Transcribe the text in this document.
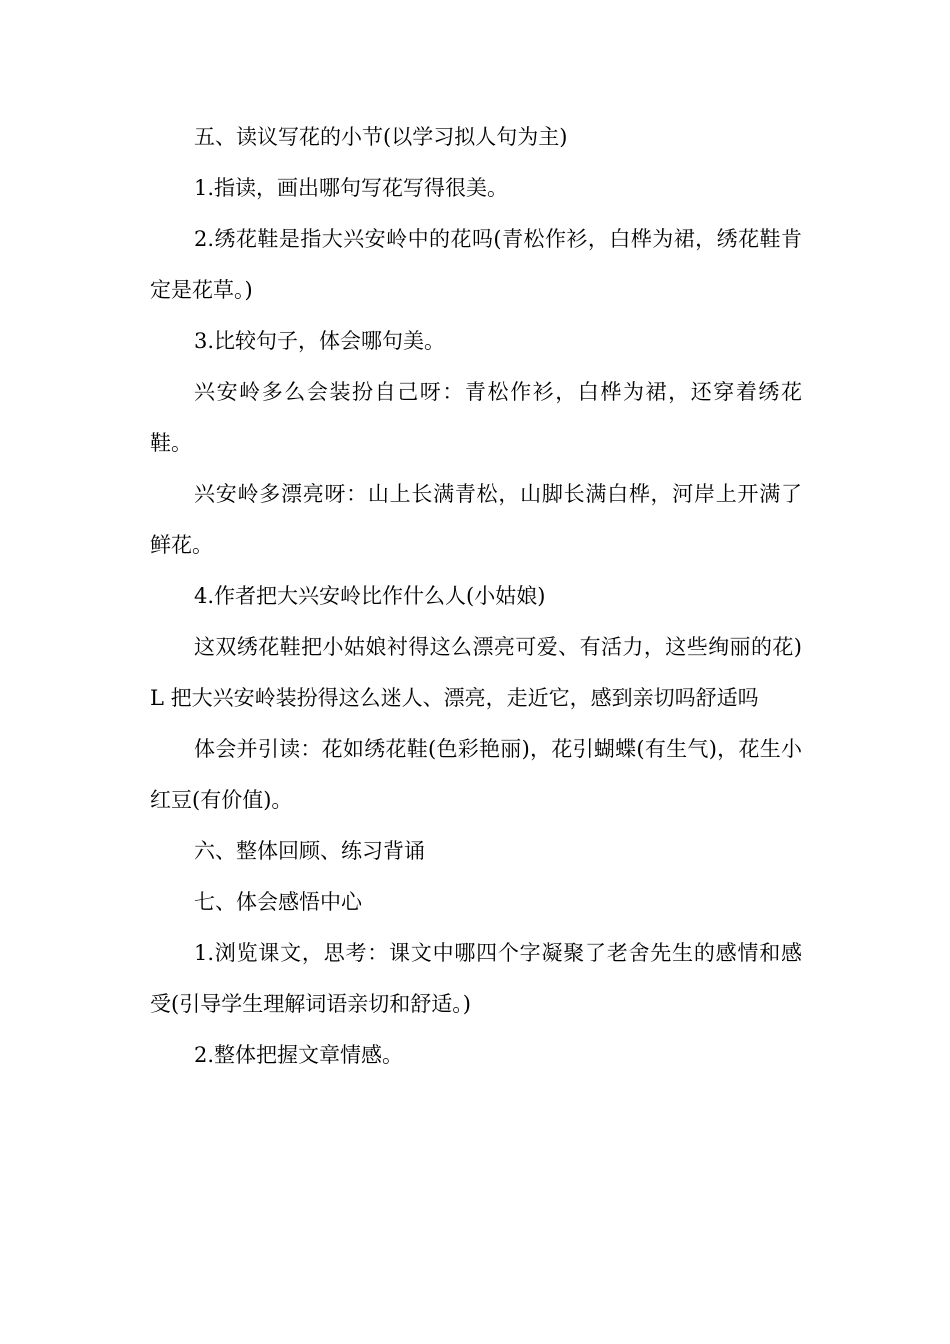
五、读议写花的小节(以学习拟人句为主)

1.指读，画出哪句写花写得很美。

2.绣花鞋是指大兴安岭中的花吗(青松作衫，白桦为裙，绣花鞋肯定是花草。)

3.比较句子，体会哪句美。

兴安岭多么会装扮自己呀：青松作衫，白桦为裙，还穿着绣花鞋。

兴安岭多漂亮呀：山上长满青松，山脚长满白桦，河岸上开满了鲜花。

4.作者把大兴安岭比作什么人(小姑娘)

这双绣花鞋把小姑娘衬得这么漂亮可爱、有活力，这些绚丽的花)L 把大兴安岭装扮得这么迷人、漂亮，走近它，感到亲切吗舒适吗

体会并引读：花如绣花鞋(色彩艳丽)，花引蝴蝶(有生气)，花生小红豆(有价值)。

六、整体回顾、练习背诵

七、体会感悟中心

1.浏览课文，思考：课文中哪四个字凝聚了老舍先生的感情和感受(引导学生理解词语亲切和舒适。)

2.整体把握文章情感。
